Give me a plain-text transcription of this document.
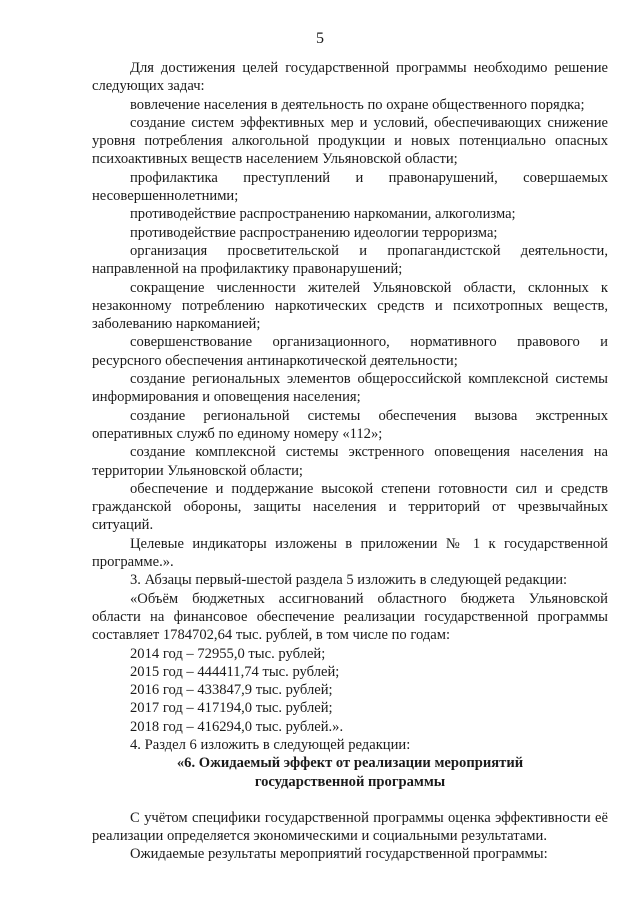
5

Для достижения целей государственной программы необходимо решение следующих задач:

вовлечение населения в деятельность по охране общественного порядка;

создание систем эффективных мер и условий, обеспечивающих снижение уровня потребления алкогольной продукции и новых потенциально опасных психоактивных веществ населением Ульяновской области;

профилактика преступлений и правонарушений, совершаемых несовершеннолетними;

противодействие распространению наркомании, алкоголизма;

противодействие распространению идеологии терроризма;

организация просветительской и пропагандистской деятельности, направленной на профилактику правонарушений;

сокращение численности жителей Ульяновской области, склонных к незаконному потреблению наркотических средств и психотропных веществ, заболеванию наркоманией;

совершенствование организационного, нормативного правового и ресурсного обеспечения антинаркотической деятельности;

создание региональных элементов общероссийской комплексной системы информирования и оповещения населения;

создание региональной системы обеспечения вызова экстренных оперативных служб по единому номеру «112»;

создание комплексной системы экстренного оповещения населения на территории Ульяновской области;

обеспечение и поддержание высокой степени готовности сил и средств гражданской обороны, защиты населения и территорий от чрезвычайных ситуаций.

Целевые индикаторы изложены в приложении № 1 к государственной программе.».

3. Абзацы первый-шестой раздела 5 изложить в следующей редакции:

«Объём бюджетных ассигнований областного бюджета Ульяновской области на финансовое обеспечение реализации государственной программы составляет 1784702,64 тыс. рублей, в том числе по годам:

2014 год – 72955,0 тыс. рублей;

2015 год – 444411,74 тыс. рублей;

2016 год – 433847,9 тыс. рублей;

2017 год – 417194,0 тыс. рублей;

2018 год – 416294,0 тыс. рублей.».

4. Раздел 6 изложить в следующей редакции:

«6. Ожидаемый эффект от реализации мероприятий
государственной программы

С учётом специфики государственной программы оценка эффективности её реализации определяется экономическими и социальными результатами.

Ожидаемые результаты мероприятий государственной программы:
